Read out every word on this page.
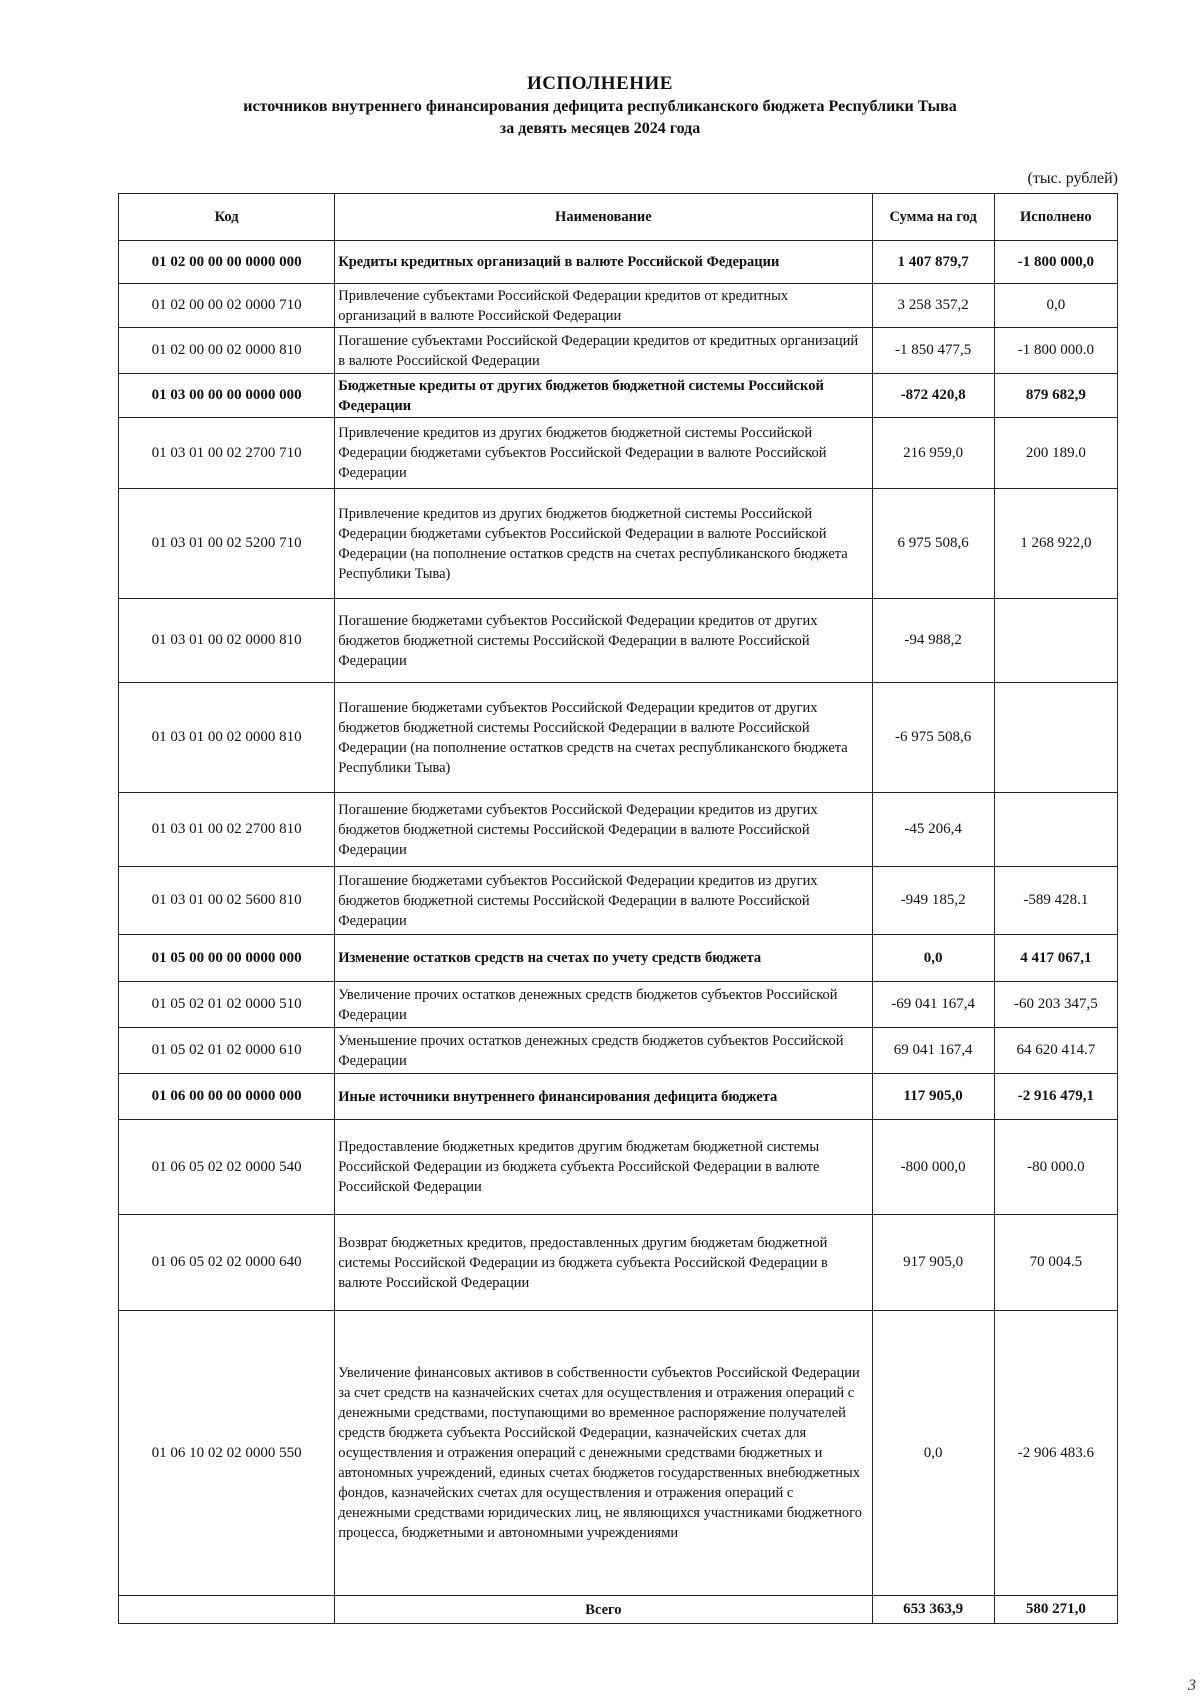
ИСПОЛНЕНИЕ
источников внутреннего финансирования дефицита республиканского бюджета Республики Тыва
за девять месяцев 2024 года
(тыс. рублей)
Код	Наименование	Сумма на год	Исполнено
01 02 00 00 00 0000 000	Кредиты кредитных организаций в валюте Российской Федерации	1 407 879,7	-1 800 000,0
01 02 00 00 02 0000 710	Привлечение субъектами Российской Федерации кредитов от кредитных организаций в валюте Российской Федерации	3 258 357,2	0,0
01 02 00 00 02 0000 810	Погашение субъектами Российской Федерации кредитов от кредитных организаций в валюте Российской Федерации	-1 850 477,5	-1 800 000.0
01 03 00 00 00 0000 000	Бюджетные кредиты от других бюджетов бюджетной системы Российской Федерации	-872 420,8	879 682,9
01 03 01 00 02 2700 710	Привлечение кредитов из других бюджетов бюджетной системы Российской Федерации бюджетами субъектов Российской Федерации в валюте Российской Федерации	216 959,0	200 189.0
01 03 01 00 02 5200 710	Привлечение кредитов из других бюджетов бюджетной системы Российской Федерации бюджетами субъектов Российской Федерации в валюте Российской Федерации (на пополнение остатков средств на счетах республиканского бюджета Республики Тыва)	6 975 508,6	1 268 922,0
01 03 01 00 02 0000 810	Погашение бюджетами субъектов Российской Федерации кредитов от других бюджетов бюджетной системы Российской Федерации в валюте Российской Федерации	-94 988,2	
01 03 01 00 02 0000 810	Погашение бюджетами субъектов Российской Федерации кредитов от других бюджетов бюджетной системы Российской Федерации в валюте Российской Федерации (на пополнение остатков средств на счетах республиканского бюджета Республики Тыва)	-6 975 508,6	
01 03 01 00 02 2700 810	Погашение бюджетами субъектов Российской Федерации кредитов из других бюджетов бюджетной системы Российской Федерации в валюте Российской Федерации	-45 206,4	
01 03 01 00 02 5600 810	Погашение бюджетами субъектов Российской Федерации кредитов из других бюджетов бюджетной системы Российской Федерации в валюте Российской Федерации	-949 185,2	-589 428.1
01 05 00 00 00 0000 000	Изменение остатков средств на счетах по учету средств бюджета	0,0	4 417 067,1
01 05 02 01 02 0000 510	Увеличение прочих остатков денежных средств бюджетов субъектов Российской Федерации	-69 041 167,4	-60 203 347,5
01 05 02 01 02 0000 610	Уменьшение прочих остатков денежных средств бюджетов субъектов Российской Федерации	69 041 167,4	64 620 414.7
01 06 00 00 00 0000 000	Иные источники внутреннего финансирования дефицита бюджета	117 905,0	-2 916 479,1
01 06 05 02 02 0000 540	Предоставление бюджетных кредитов другим бюджетам бюджетной системы Российской Федерации из бюджета субъекта Российской Федерации в валюте Российской Федерации	-800 000,0	-80 000.0
01 06 05 02 02 0000 640	Возврат бюджетных кредитов, предоставленных другим бюджетам бюджетной системы Российской Федерации из бюджета субъекта Российской Федерации в валюте Российской Федерации	917 905,0	70 004.5
01 06 10 02 02 0000 550	Увеличение финансовых активов в собственности субъектов Российской Федерации за счет средств на казначейских счетах для осуществления и отражения операций с денежными средствами, поступающими во временное распоряжение получателей средств бюджета субъекта Российской Федерации, казначейских счетах для осуществления и отражения операций с денежными средствами бюджетных и автономных учреждений, единых счетах бюджетов государственных внебюджетных фондов, казначейских счетах для осуществления и отражения операций с денежными средствами юридических лиц, не являющихся участниками бюджетного процесса, бюджетными и автономными учреждениями	0,0	-2 906 483.6
	Всего	653 363,9	580 271,0
3
